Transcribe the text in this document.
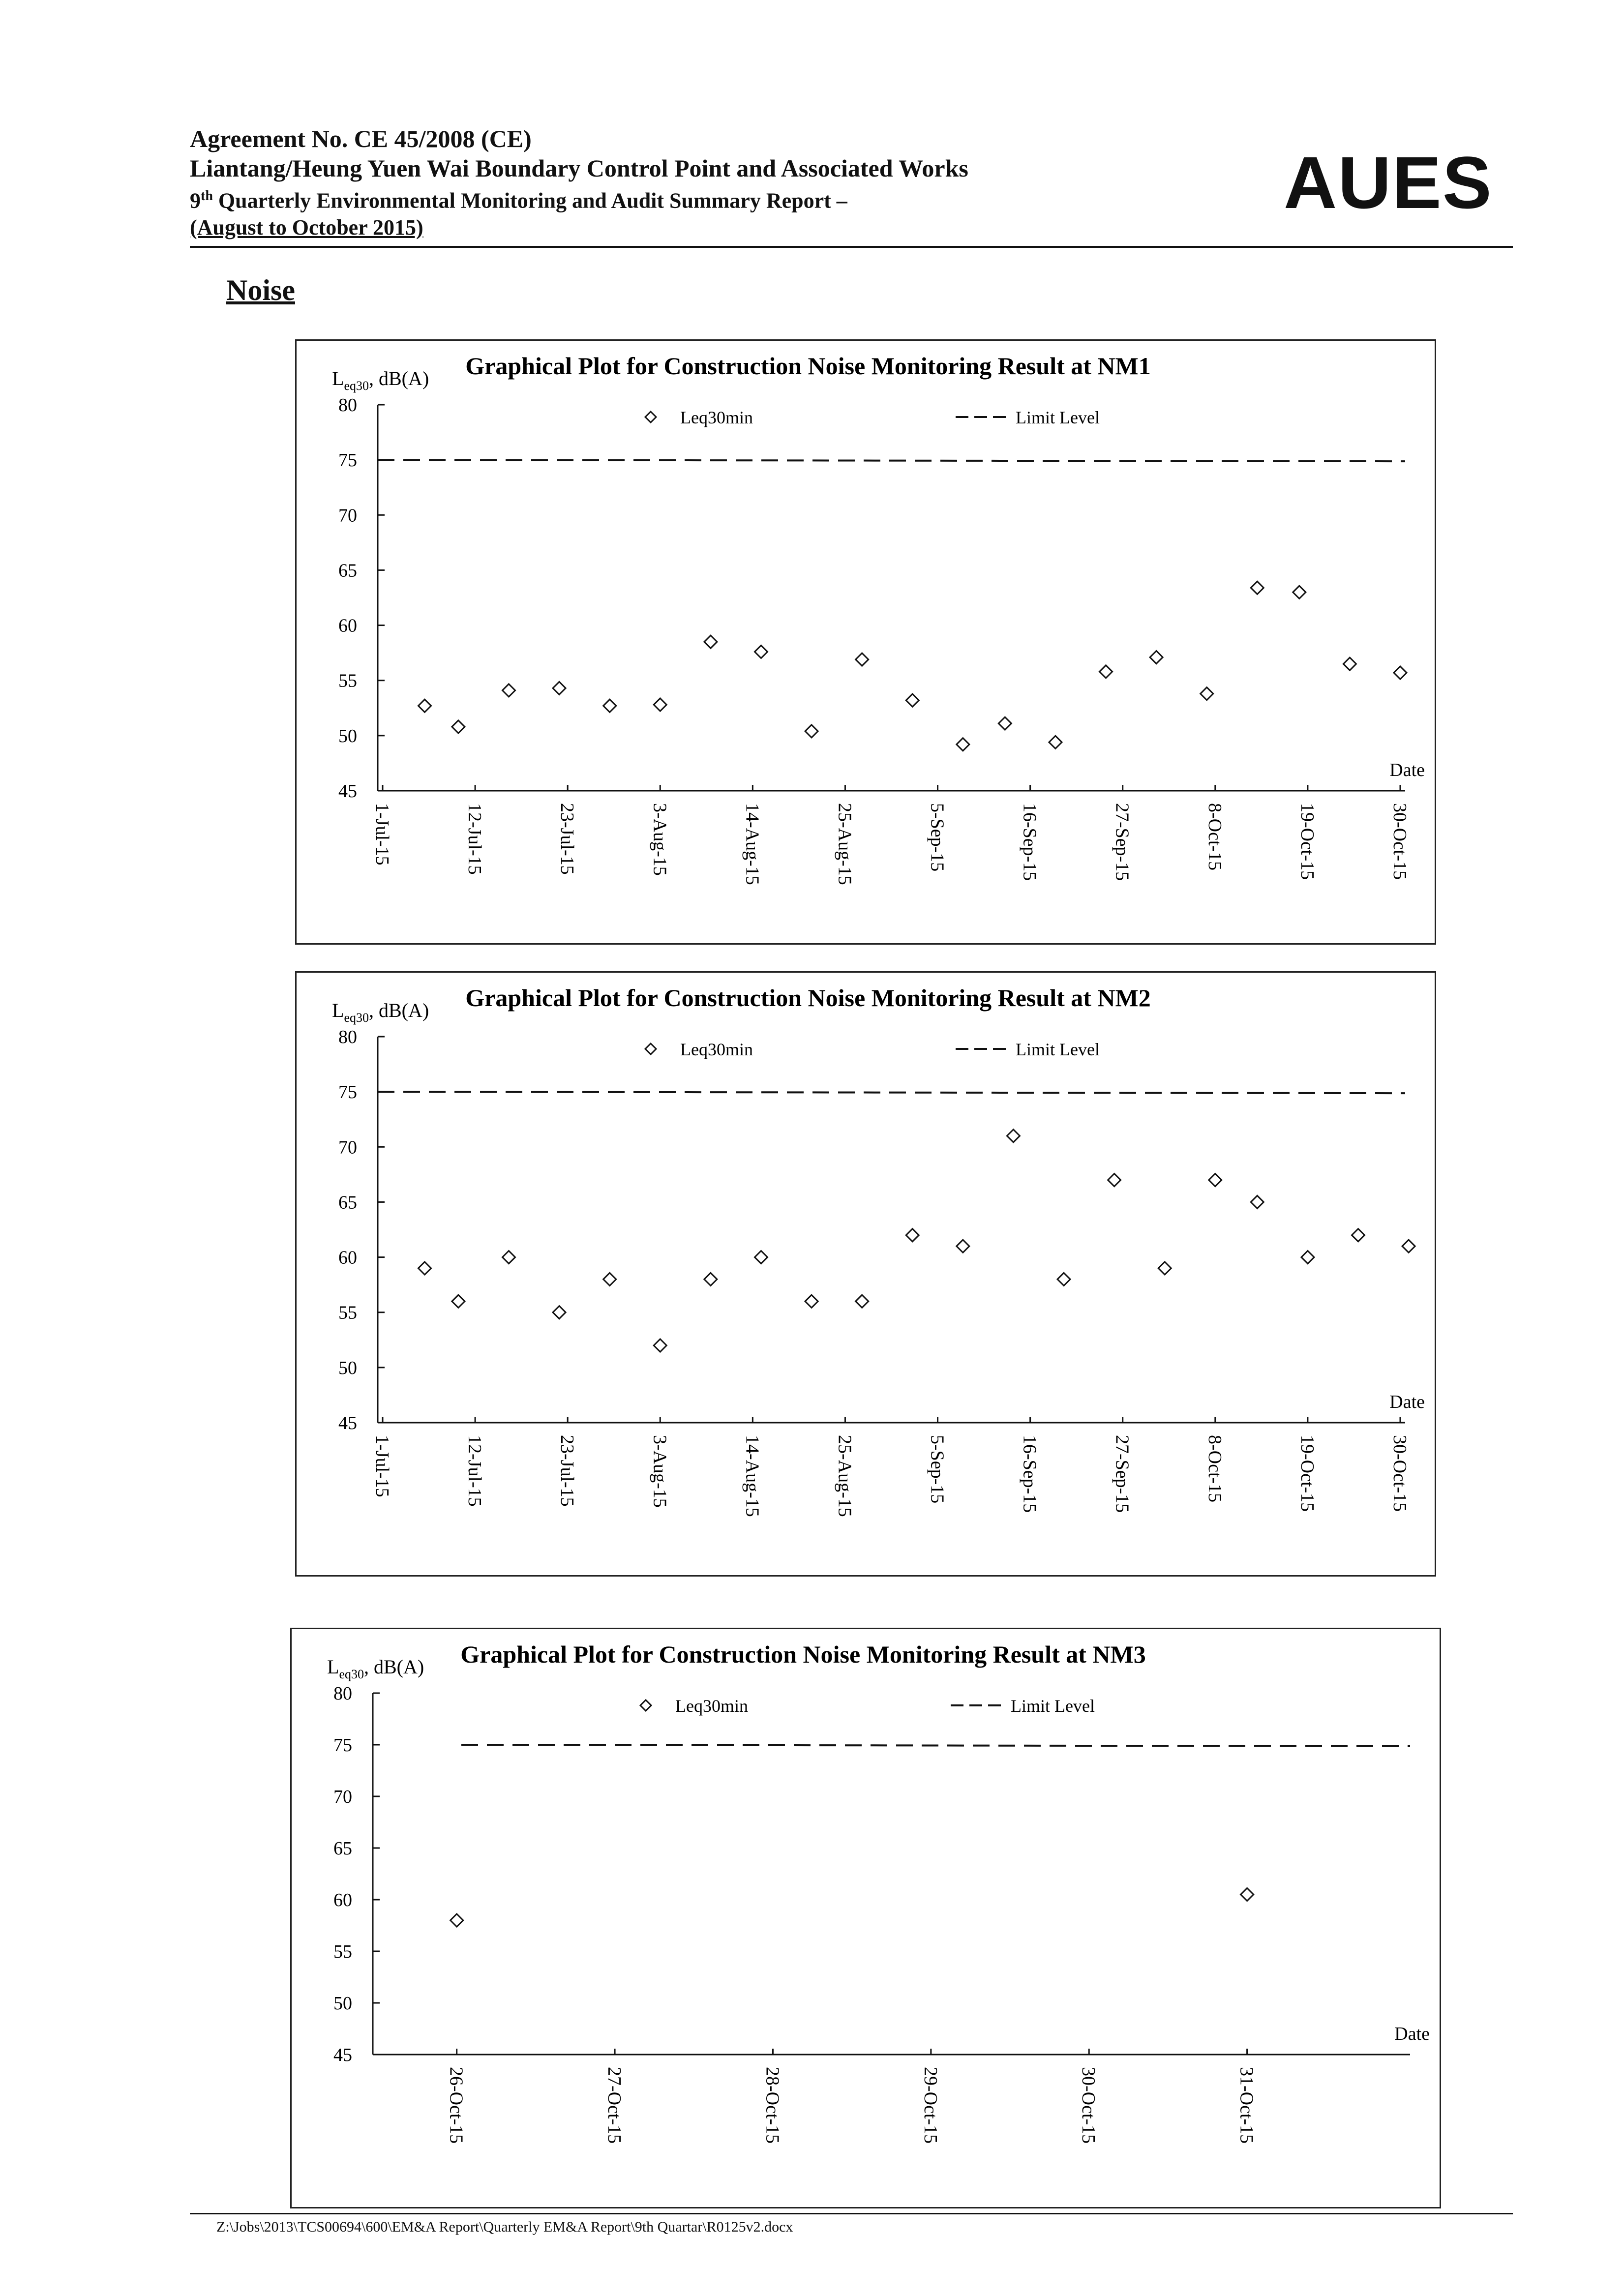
Agreement No. CE 45/2008 (CE)
Liantang/Heung Yuen Wai Boundary Control Point and Associated Works
9th Quarterly Environmental Monitoring and Audit Summary Report –
(August to October 2015)
AUES
Noise
Graphical Plot for Construction Noise Monitoring Result at NM1
$L_{eq30}$, dB(A)
Leq30min	Limit Level
45
50
55
60
65
70
75
80
1-Jul-15	12-Jul-15	23-Jul-15	3-Aug-15	14-Aug-15	25-Aug-15	5-Sep-15	16-Sep-15	27-Sep-15	8-Oct-15	19-Oct-15	30-Oct-15
Date
Graphical Plot for Construction Noise Monitoring Result at NM2
$L_{eq30}$, dB(A)
Leq30min	Limit Level
45
50
55
60
65
70
75
80
1-Jul-15	12-Jul-15	23-Jul-15	3-Aug-15	14-Aug-15	25-Aug-15	5-Sep-15	16-Sep-15	27-Sep-15	8-Oct-15	19-Oct-15	30-Oct-15
Date
Graphical Plot for Construction Noise Monitoring Result at NM3
$L_{eq30}$, dB(A)
Leq30min	Limit Level
45
50
55
60
65
70
75
80
26-Oct-15	27-Oct-15	28-Oct-15	29-Oct-15	30-Oct-15	31-Oct-15
Date
Z:\Jobs\2013\TCS00694\600\EM&A Report\Quarterly EM&A Report\9th Quartar\R0125v2.docx
